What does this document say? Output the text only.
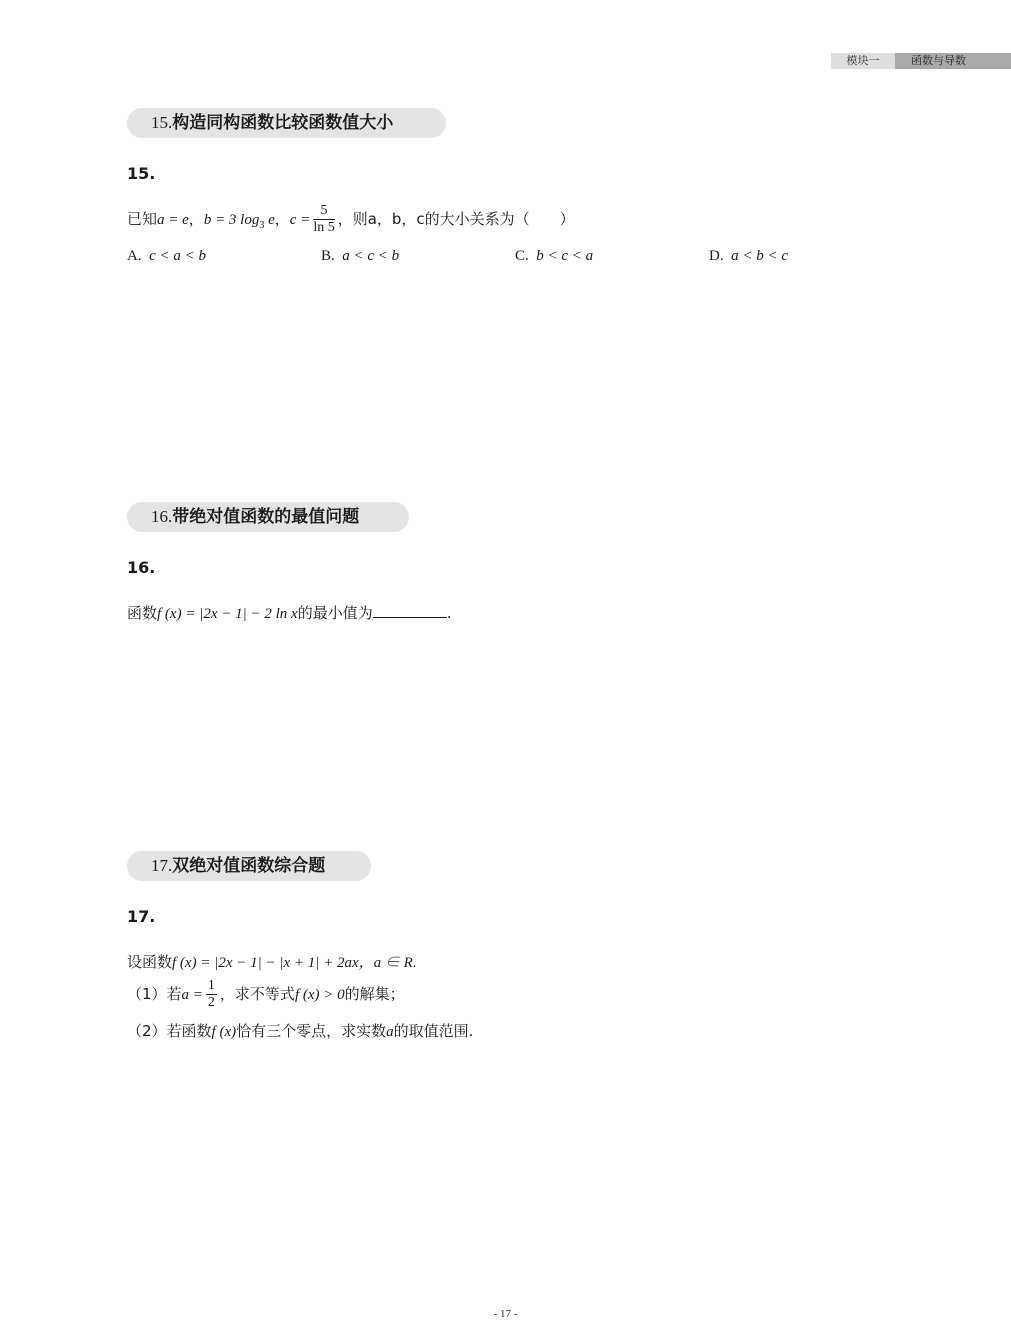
模块一	函数与导数
15.构造同构函数比较函数值大小
15.
已知a = e，b = 3 $\log_3 e$，$c = \frac{5}{\ln 5}$ ，则a，b，c的大小关系为（　　）
A. c < a < b	B. a < c < b	C. b < c < a	D. a < b < c
16.带绝对值函数的最值问题
16.
函数f (x) = |2x − 1| − 2 ln x的最小值为	.
17.双绝对值函数综合题
17.
设函数f (x) = |2x − 1| − |x + 1| + 2ax，a ∈ R.
（1）若$a = \frac{1}{2}$ ，求不等式f (x) > 0的解集；
（2）若函数f (x)恰有三个零点，求实数a的取值范围.
- 17 -
